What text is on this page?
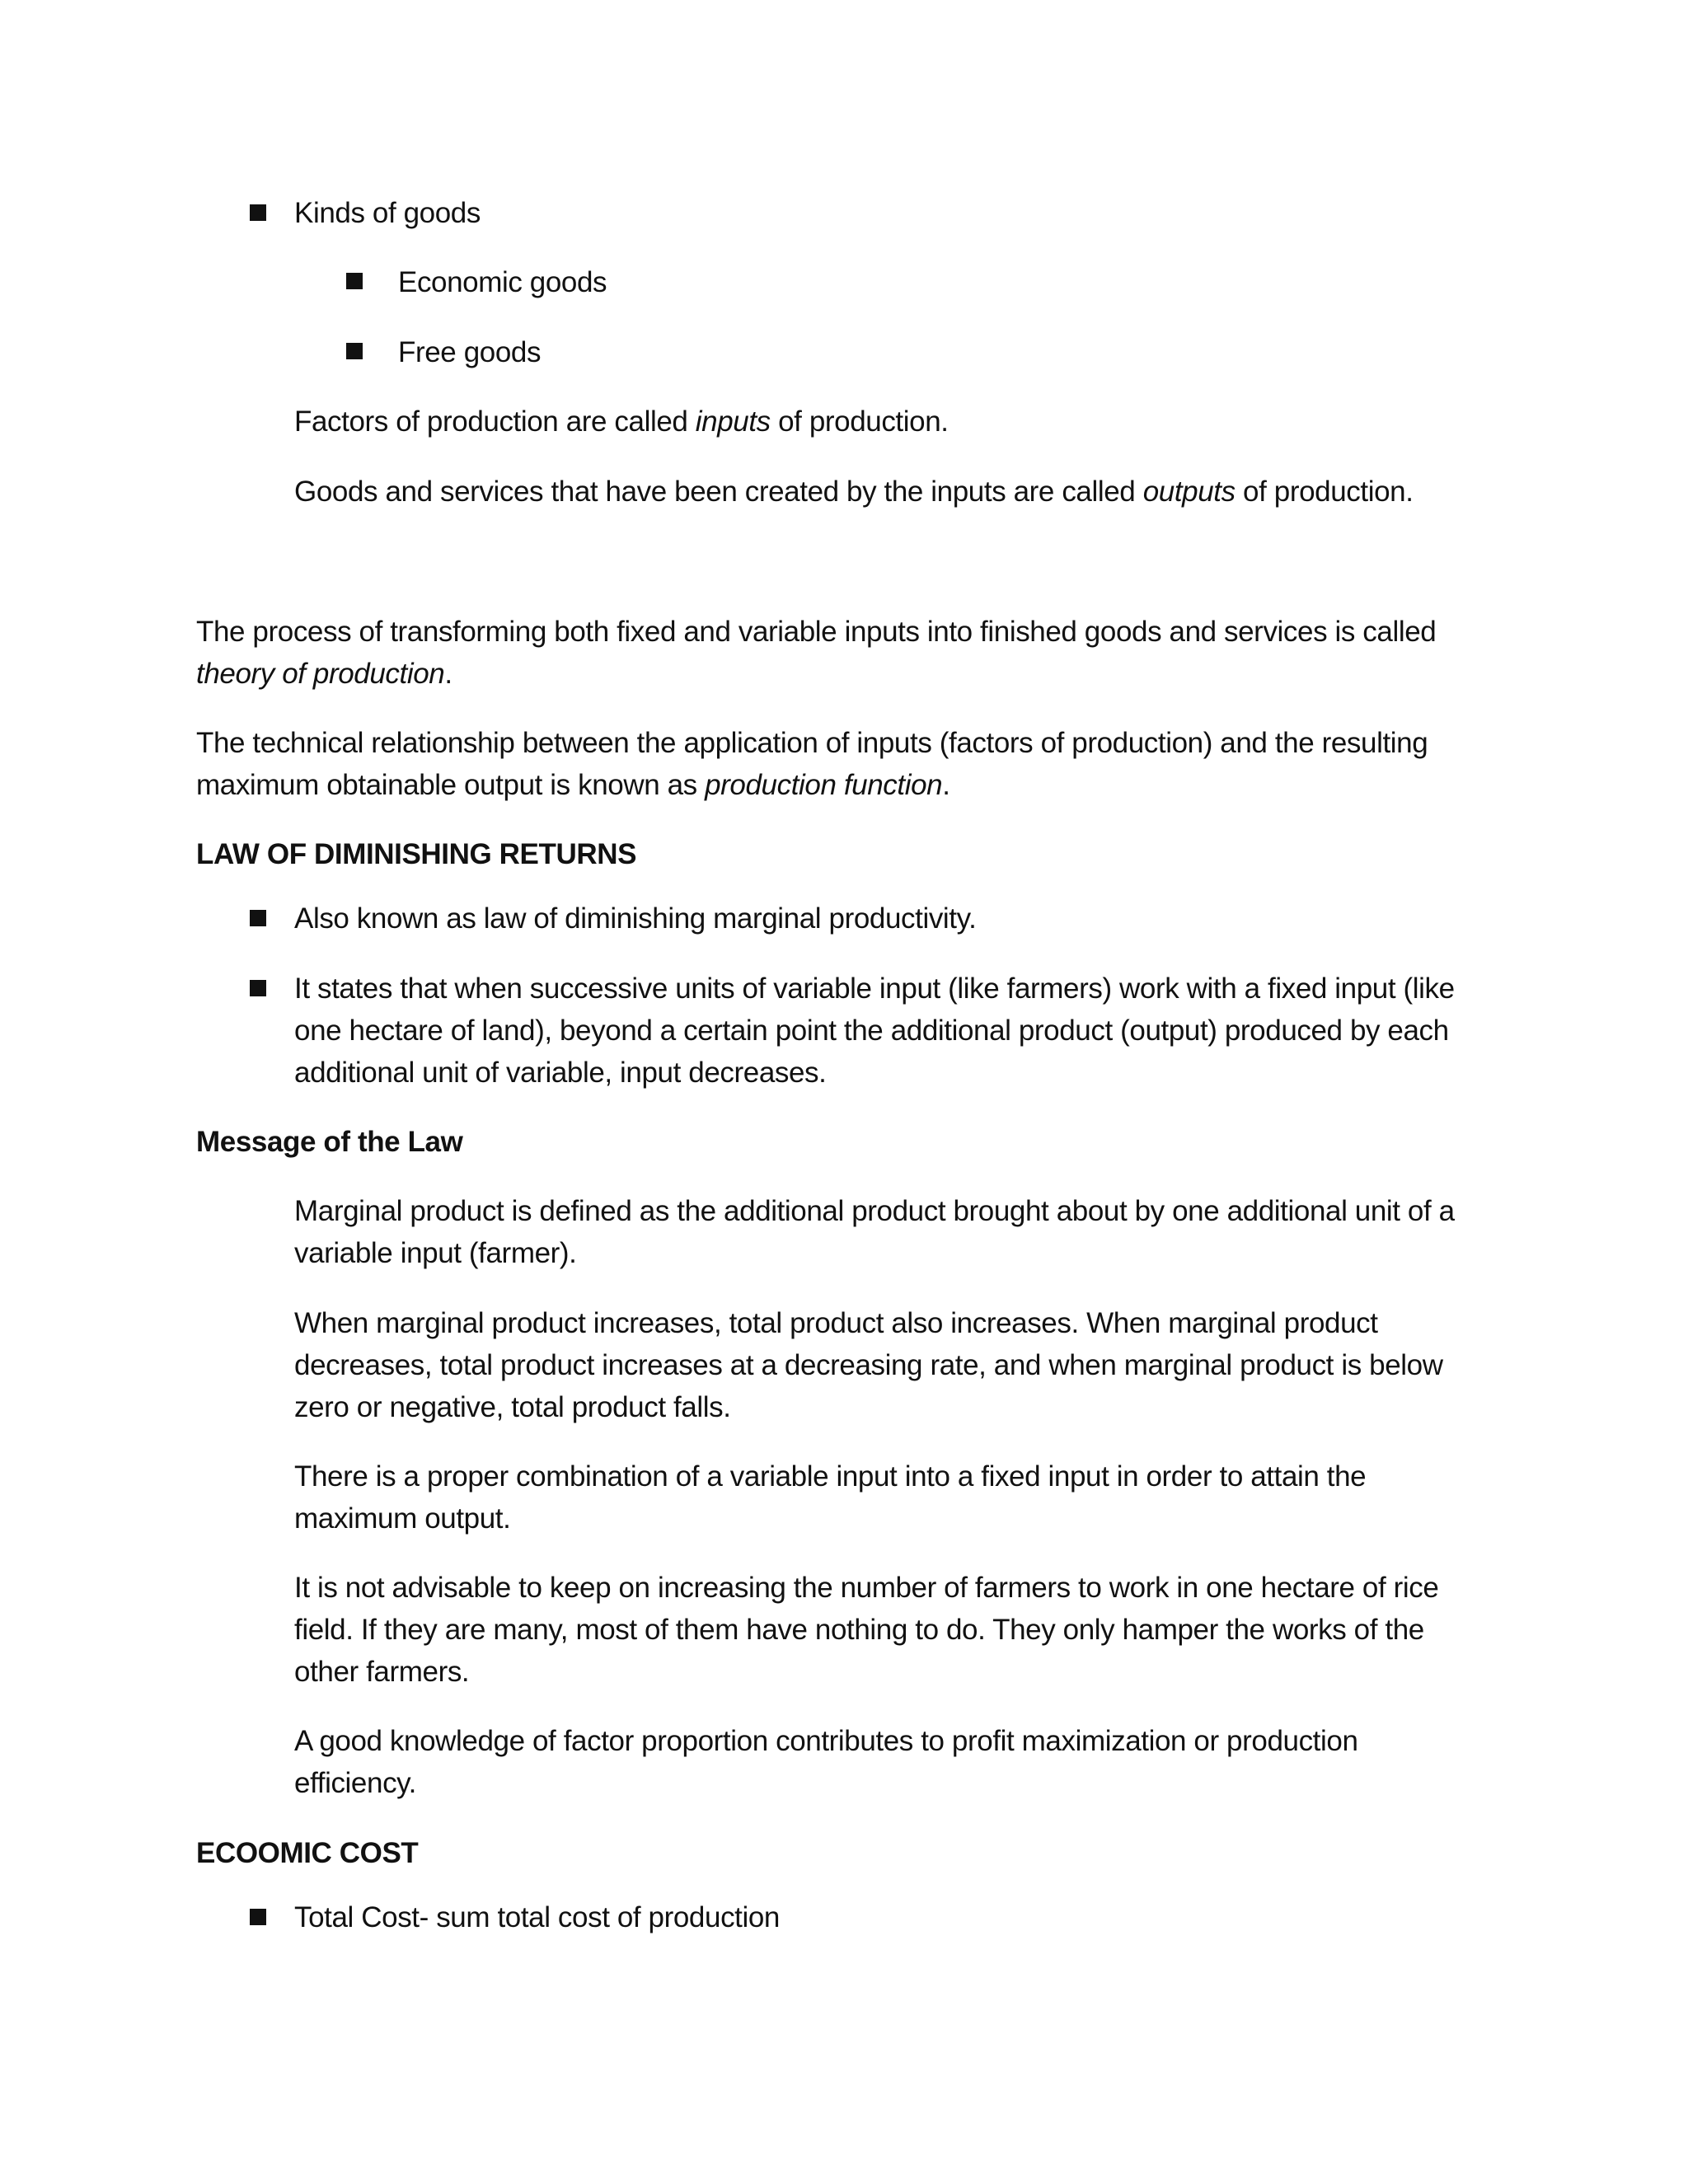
Kinds of goods
Economic goods
Free goods
Factors of production are called inputs of production.
Goods and services that have been created by the inputs are called outputs of production.
The process of transforming both fixed and variable inputs into finished goods and services is called
theory of production.
The technical relationship between the application of inputs (factors of production) and the resulting
maximum obtainable output is known as production function.
LAW OF DIMINISHING RETURNS
Also known as law of diminishing marginal productivity.
It states that when successive units of variable input (like farmers) work with a fixed input (like
one hectare of land), beyond a certain point the additional product (output) produced by each
additional unit of variable, input decreases.
Message of the Law
Marginal product is defined as the additional product brought about by one additional unit of a
variable input (farmer).
When marginal product increases, total product also increases. When marginal product
decreases, total product increases at a decreasing rate, and when marginal product is below
zero or negative, total product falls.
There is a proper combination of a variable input into a fixed input in order to attain the
maximum output.
It is not advisable to keep on increasing the number of farmers to work in one hectare of rice
field. If they are many, most of them have nothing to do. They only hamper the works of the
other farmers.
A good knowledge of factor proportion contributes to profit maximization or production
efficiency.
ECOOMIC COST
Total Cost- sum total cost of production
